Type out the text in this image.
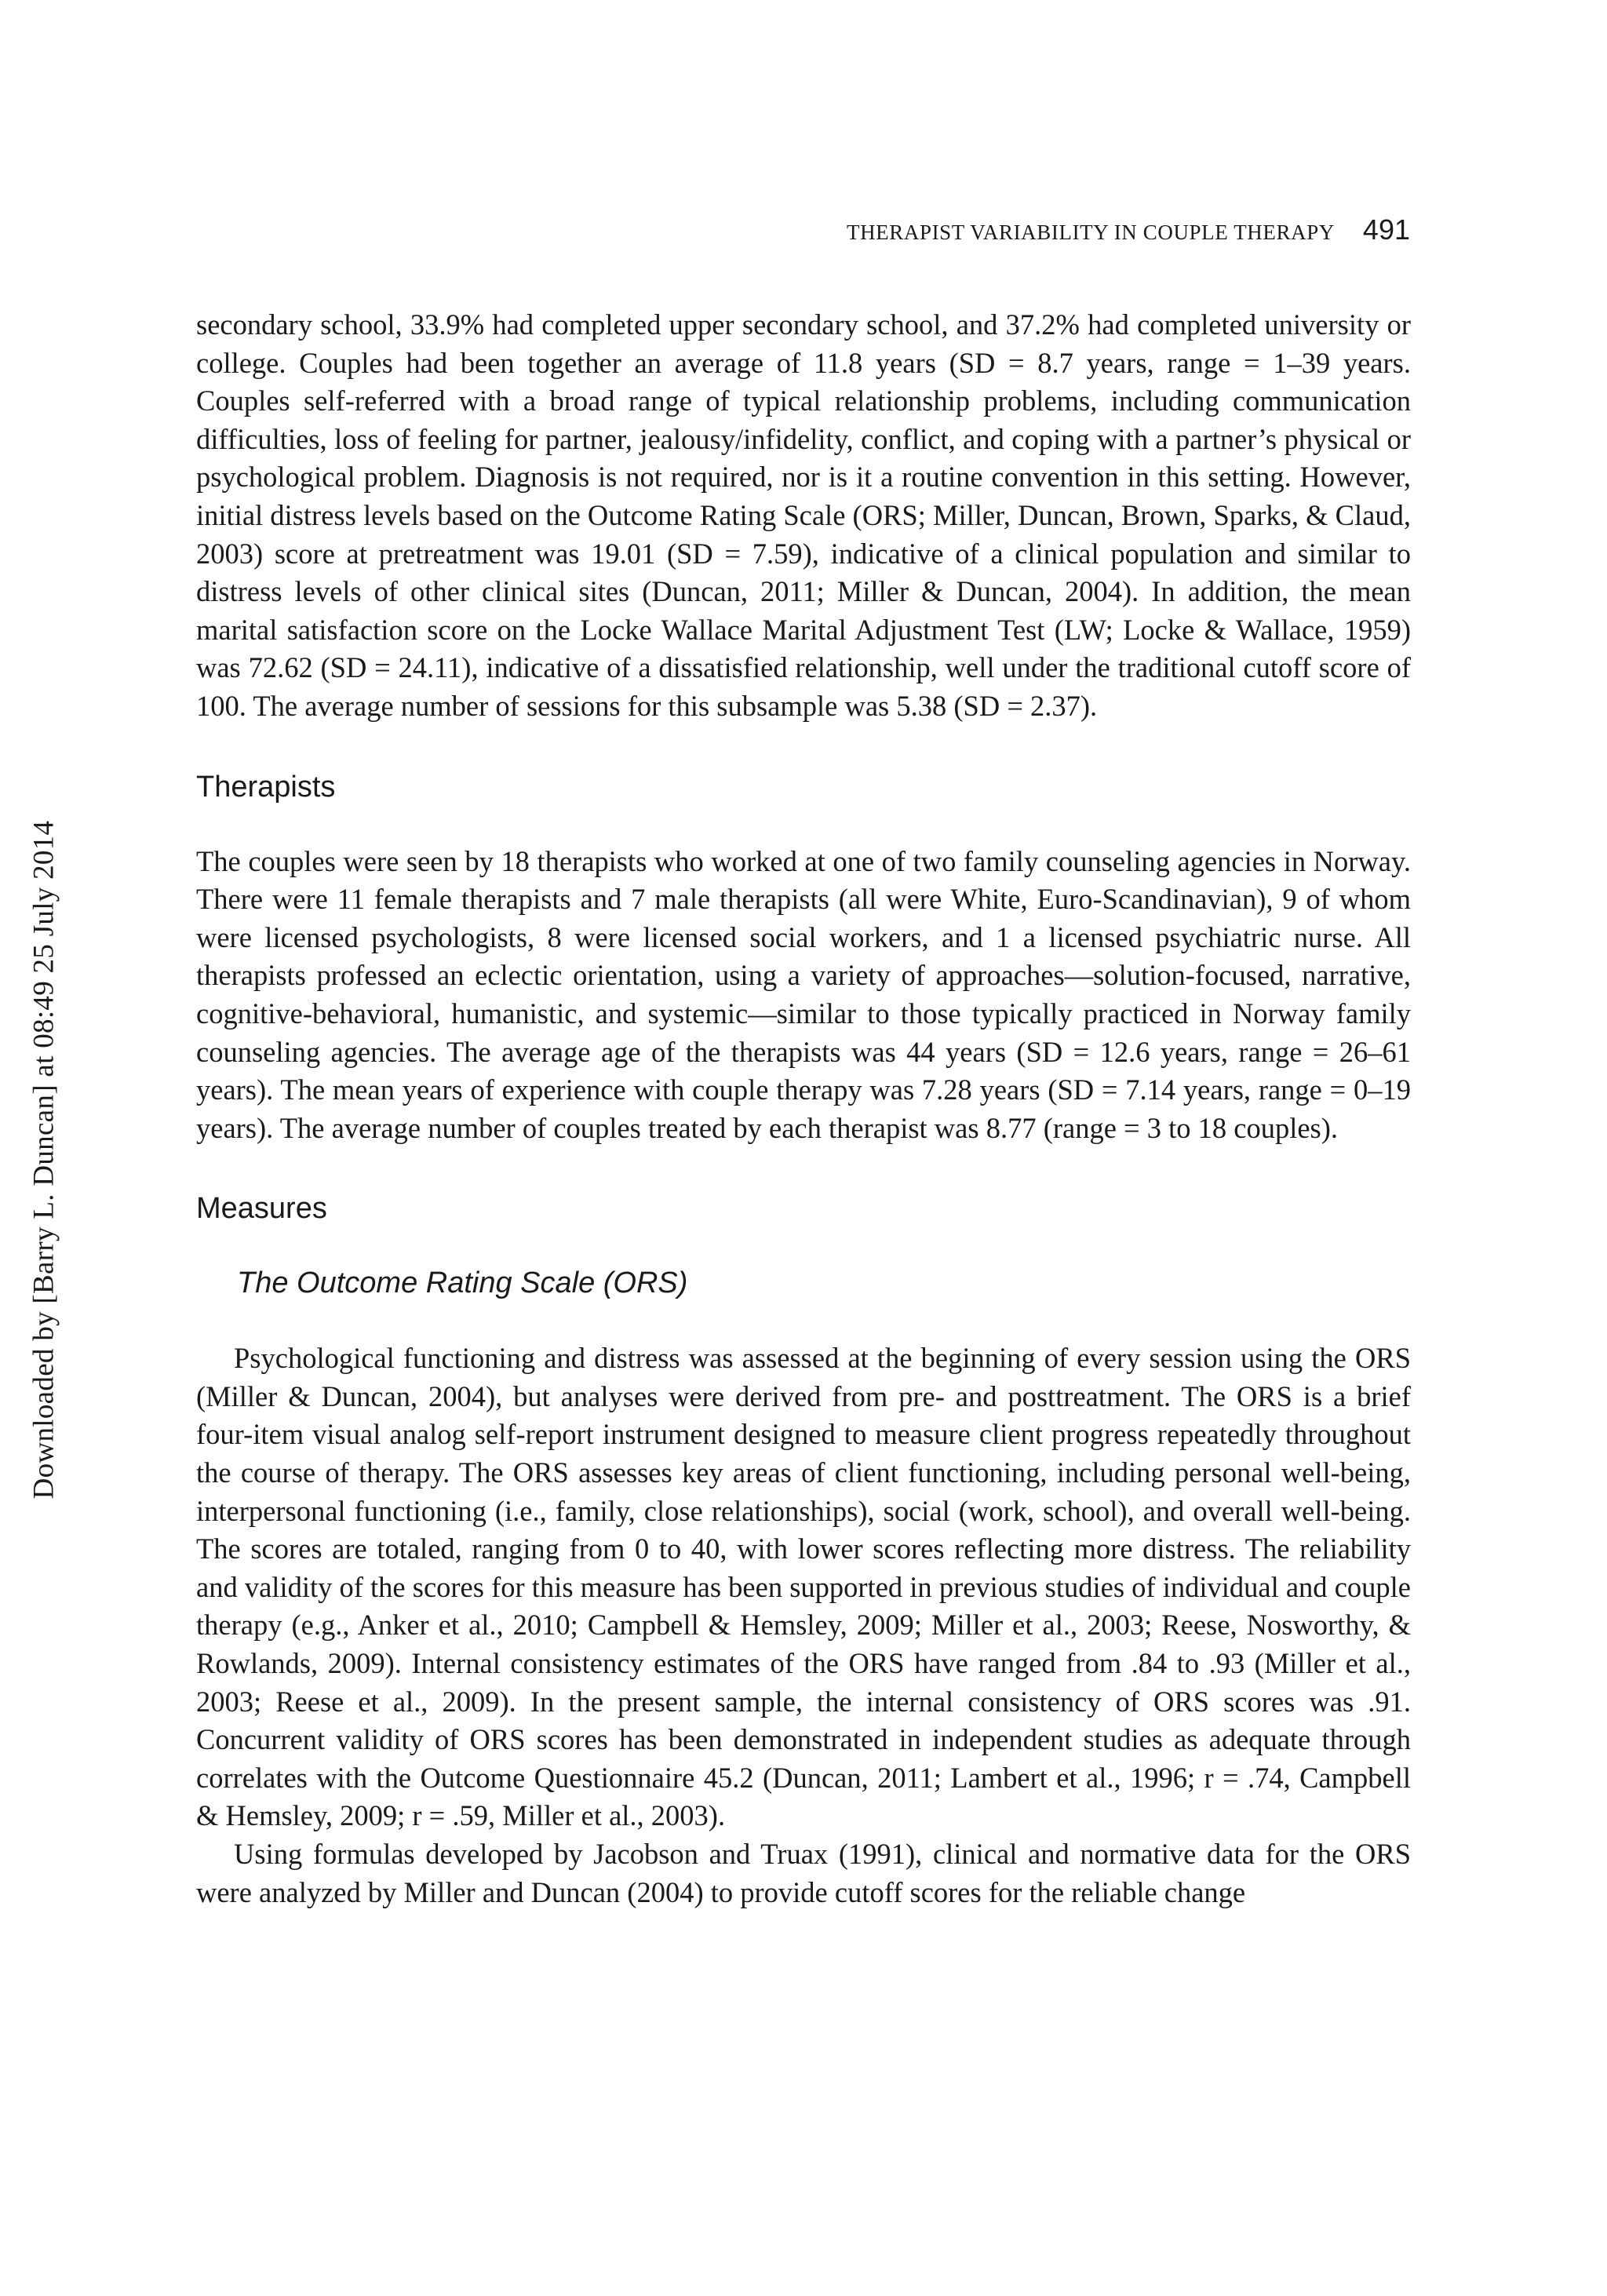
THERAPIST VARIABILITY IN COUPLE THERAPY 491
Downloaded by [Barry L. Duncan] at 08:49 25 July 2014

secondary school, 33.9% had completed upper secondary school, and 37.2% had completed university or college. Couples had been together an average of 11.8 years (SD = 8.7 years, range = 1–39 years. Couples self-referred with a broad range of typical relationship problems, including communication difficulties, loss of feeling for partner, jealousy/infidelity, conflict, and coping with a partner’s physical or psychological problem. Diagnosis is not required, nor is it a routine convention in this setting. However, initial distress levels based on the Outcome Rating Scale (ORS; Miller, Duncan, Brown, Sparks, & Claud, 2003) score at pretreatment was 19.01 (SD = 7.59), indicative of a clinical population and similar to distress levels of other clinical sites (Duncan, 2011; Miller & Duncan, 2004). In addition, the mean marital satisfaction score on the Locke Wallace Marital Adjustment Test (LW; Locke & Wallace, 1959) was 72.62 (SD = 24.11), indicative of a dissatisfied relationship, well under the traditional cutoff score of 100. The average number of sessions for this subsample was 5.38 (SD = 2.37).

Therapists

The couples were seen by 18 therapists who worked at one of two family counseling agencies in Norway. There were 11 female therapists and 7 male therapists (all were White, Euro-Scandinavian), 9 of whom were licensed psychologists, 8 were licensed social workers, and 1 a licensed psychiatric nurse. All therapists professed an eclectic orientation, using a variety of approaches—solution-focused, narrative, cognitive-behavioral, humanistic, and systemic—similar to those typically practiced in Norway family counseling agencies. The average age of the therapists was 44 years (SD = 12.6 years, range = 26–61 years). The mean years of experience with couple therapy was 7.28 years (SD = 7.14 years, range = 0–19 years). The average number of couples treated by each therapist was 8.77 (range = 3 to 18 couples).

Measures
The Outcome Rating Scale (ORS)

Psychological functioning and distress was assessed at the beginning of every session using the ORS (Miller & Duncan, 2004), but analyses were derived from pre- and posttreatment. The ORS is a brief four-item visual analog self-report instrument designed to measure client progress repeatedly throughout the course of therapy. The ORS assesses key areas of client functioning, including personal well-being, interpersonal functioning (i.e., family, close relationships), social (work, school), and overall well-being. The scores are totaled, ranging from 0 to 40, with lower scores reflecting more distress. The reliability and validity of the scores for this measure has been supported in previous studies of individual and couple therapy (e.g., Anker et al., 2010; Campbell & Hemsley, 2009; Miller et al., 2003; Reese, Nosworthy, & Rowlands, 2009). Internal consistency estimates of the ORS have ranged from .84 to .93 (Miller et al., 2003; Reese et al., 2009). In the present sample, the internal consistency of ORS scores was .91. Concurrent validity of ORS scores has been demonstrated in independent studies as adequate through correlates with the Outcome Questionnaire 45.2 (Duncan, 2011; Lambert et al., 1996; r = .74, Campbell & Hemsley, 2009; r = .59, Miller et al., 2003).

Using formulas developed by Jacobson and Truax (1991), clinical and normative data for the ORS were analyzed by Miller and Duncan (2004) to provide cutoff scores for the reliable change
